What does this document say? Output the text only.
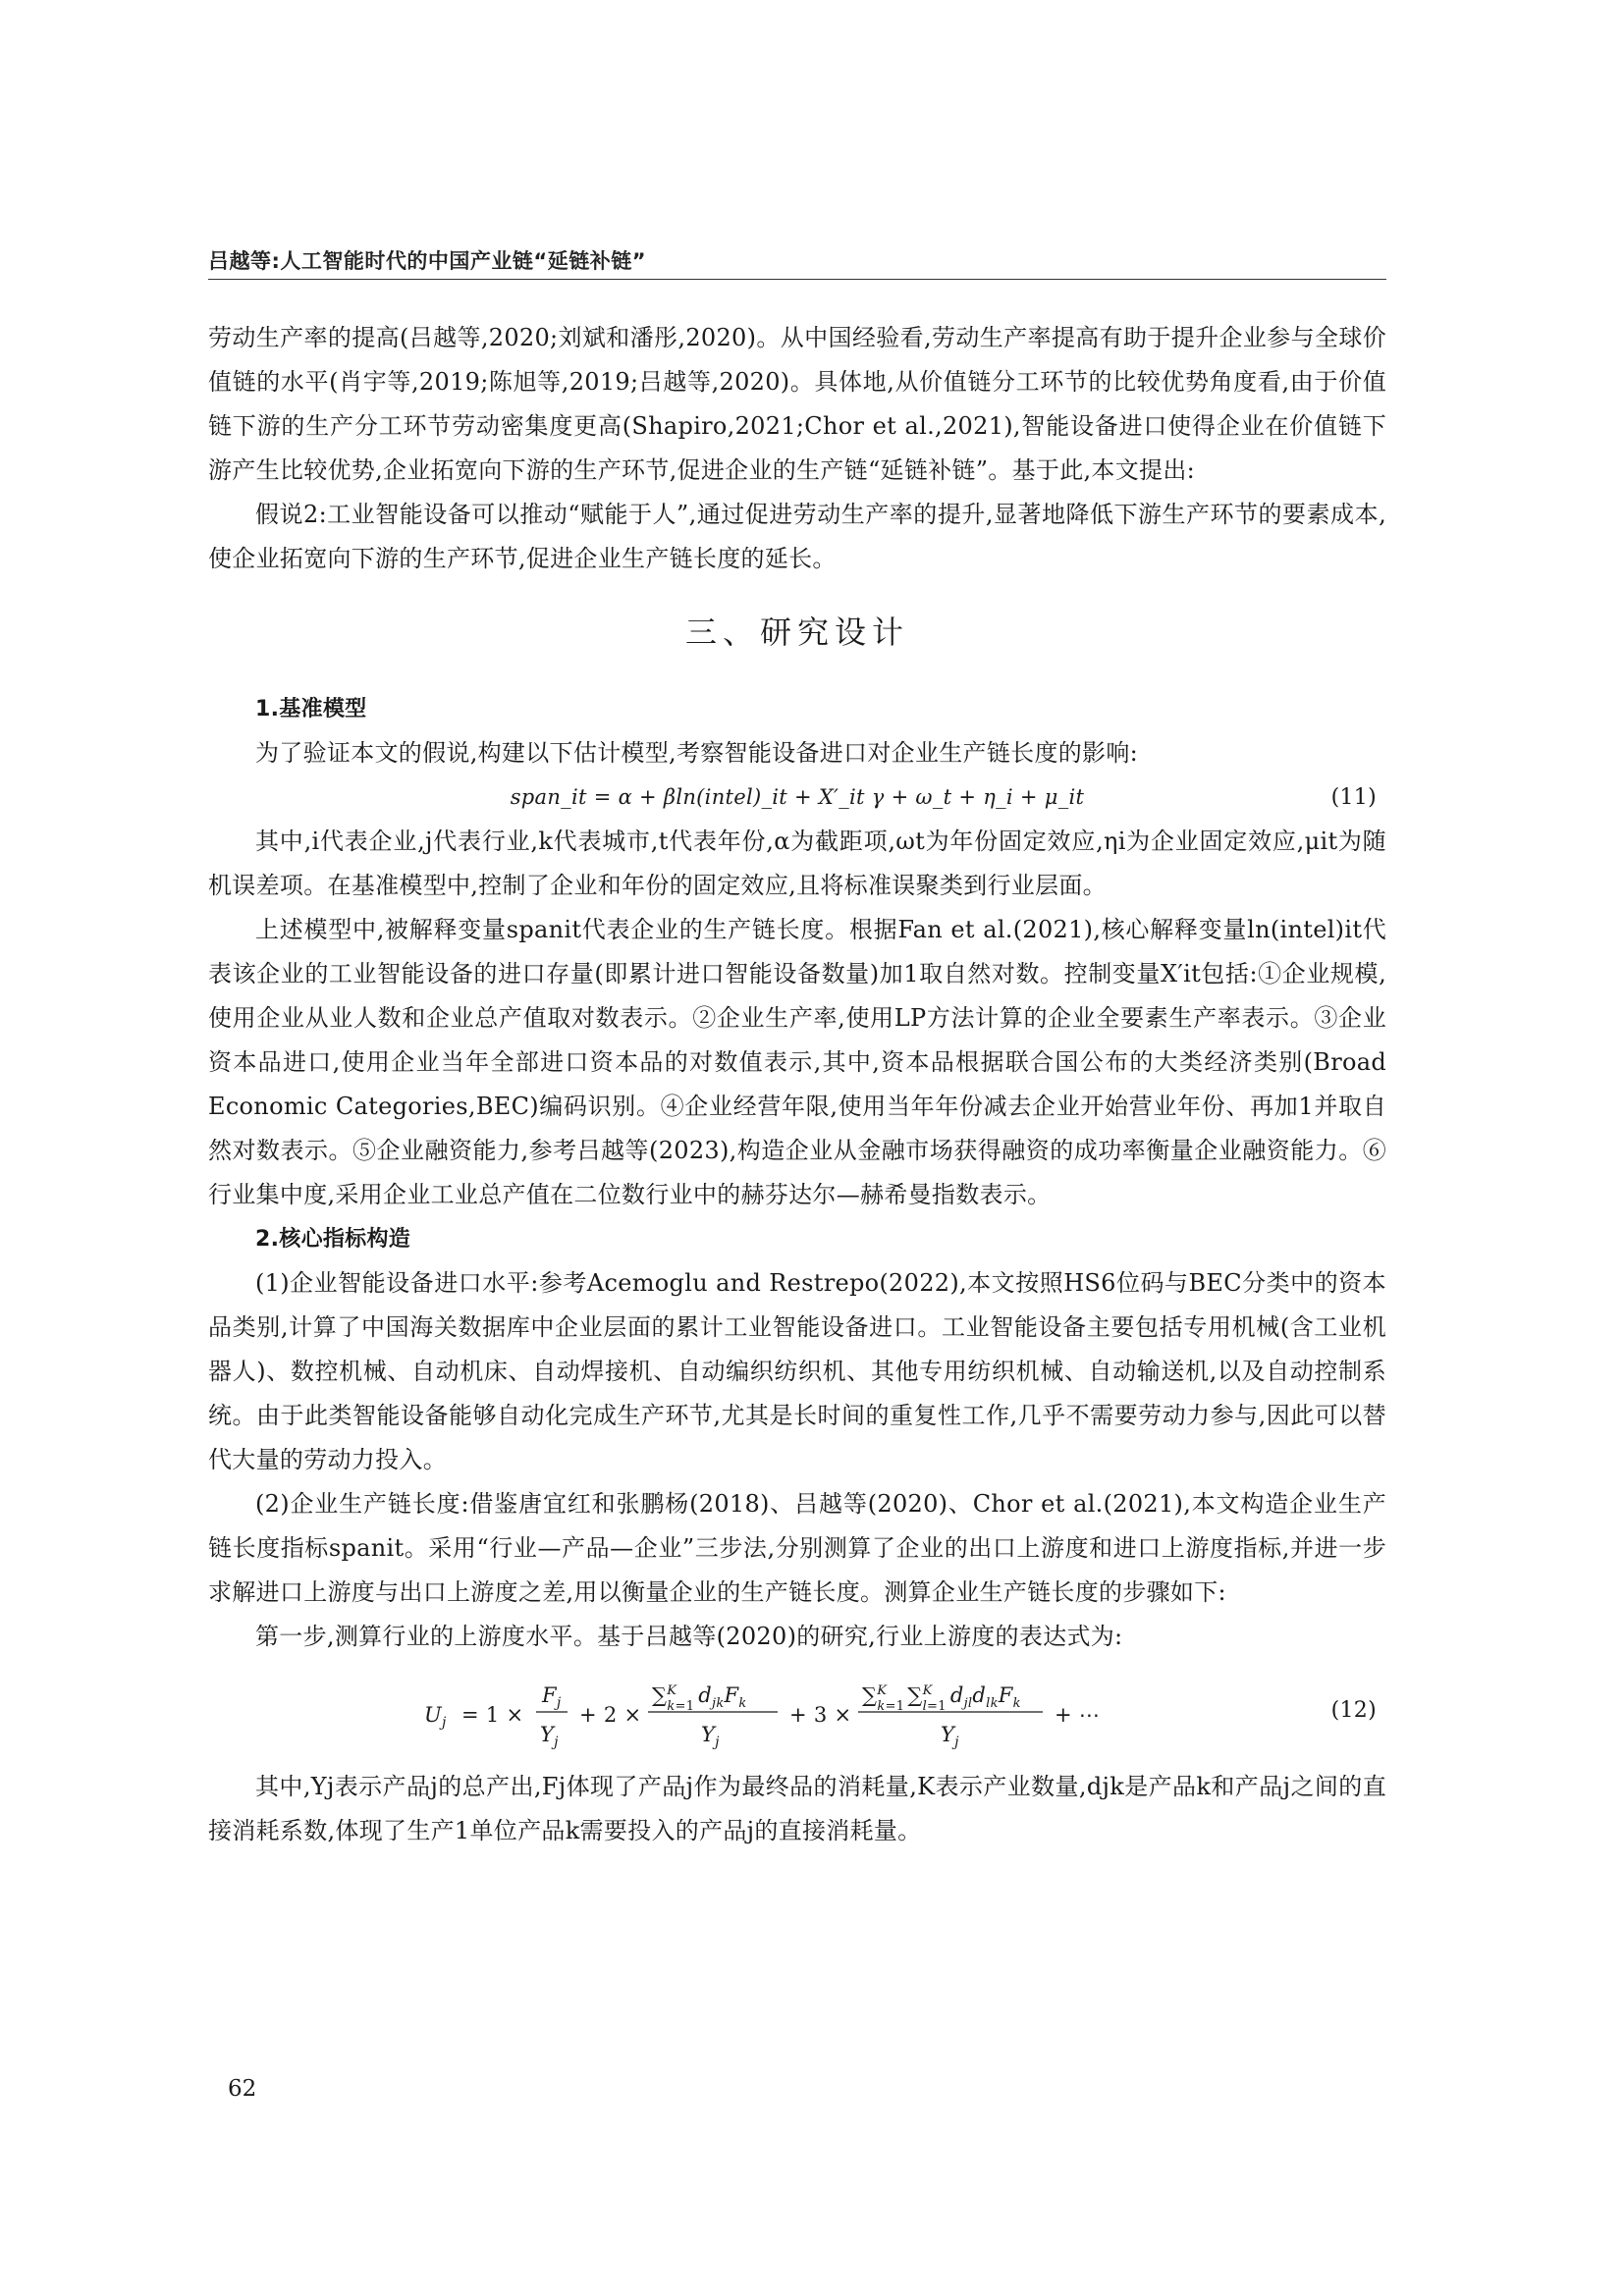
吕越等:人工智能时代的中国产业链“延链补链”

劳动生产率的提高(吕越等,2020;刘斌和潘彤,2020)。从中国经验看,劳动生产率提高有助于提升企业参与全球价值链的水平(肖宇等,2019;陈旭等,2019;吕越等,2020)。具体地,从价值链分工环节的比较优势角度看,由于价值链下游的生产分工环节劳动密集度更高(Shapiro,2021;Chor et al.,2021),智能设备进口使得企业在价值链下游产生比较优势,企业拓宽向下游的生产环节,促进企业的生产链“延链补链”。基于此,本文提出:

假说2:工业智能设备可以推动“赋能于人”,通过促进劳动生产率的提升,显著地降低下游生产环节的要素成本,使企业拓宽向下游的生产环节,促进企业生产链长度的延长。

三、研究设计

1.基准模型

为了验证本文的假说,构建以下估计模型,考察智能设备进口对企业生产链长度的影响:

span_it = α + βln(intel)_it + X′_it γ + ω_t + η_i + μ_it	(11)

其中,i代表企业,j代表行业,k代表城市,t代表年份,α为截距项,ωt为年份固定效应,ηi为企业固定效应,μit为随机误差项。在基准模型中,控制了企业和年份的固定效应,且将标准误聚类到行业层面。

上述模型中,被解释变量spanit代表企业的生产链长度。根据Fan et al.(2021),核心解释变量ln(intel)it代表该企业的工业智能设备的进口存量(即累计进口智能设备数量)加1取自然对数。控制变量X′it包括:①企业规模,使用企业从业人数和企业总产值取对数表示。②企业生产率,使用LP方法计算的企业全要素生产率表示。③企业资本品进口,使用企业当年全部进口资本品的对数值表示,其中,资本品根据联合国公布的大类经济类别(Broad Economic Categories,BEC)编码识别。④企业经营年限,使用当年年份减去企业开始营业年份、再加1并取自然对数表示。⑤企业融资能力,参考吕越等(2023),构造企业从金融市场获得融资的成功率衡量企业融资能力。⑥行业集中度,采用企业工业总产值在二位数行业中的赫芬达尔—赫希曼指数表示。

2.核心指标构造

(1)企业智能设备进口水平:参考Acemoglu and Restrepo(2022),本文按照HS6位码与BEC分类中的资本品类别,计算了中国海关数据库中企业层面的累计工业智能设备进口。工业智能设备主要包括专用机械(含工业机器人)、数控机械、自动机床、自动焊接机、自动编织纺织机、其他专用纺织机械、自动输送机,以及自动控制系统。由于此类智能设备能够自动化完成生产环节,尤其是长时间的重复性工作,几乎不需要劳动力参与,因此可以替代大量的劳动力投入。

(2)企业生产链长度:借鉴唐宜红和张鹏杨(2018)、吕越等(2020)、Chor et al.(2021),本文构造企业生产链长度指标spanit。采用“行业—产品—企业”三步法,分别测算了企业的出口上游度和进口上游度指标,并进一步求解进口上游度与出口上游度之差,用以衡量企业的生产链长度。测算企业生产链长度的步骤如下:

第一步,测算行业的上游度水平。基于吕越等(2020)的研究,行业上游度的表达式为:

$U_j = 1$ ×
$F_j$
$Y_j$
+ 2 ×
∑$^K$ k=1 $d_{jk}F_k$
$Y_j$
+ 3 ×
∑$^K$ k=1 ∑$^K$ l=1 $d_{jl}d_{lk}F_k$
$Y_j$
+ ⋯	(12)

其中,Yj表示产品j的总产出,Fj体现了产品j作为最终品的消耗量,K表示产业数量,djk是产品k和产品j之间的直接消耗系数,体现了生产1单位产品k需要投入的产品j的直接消耗量。

62
